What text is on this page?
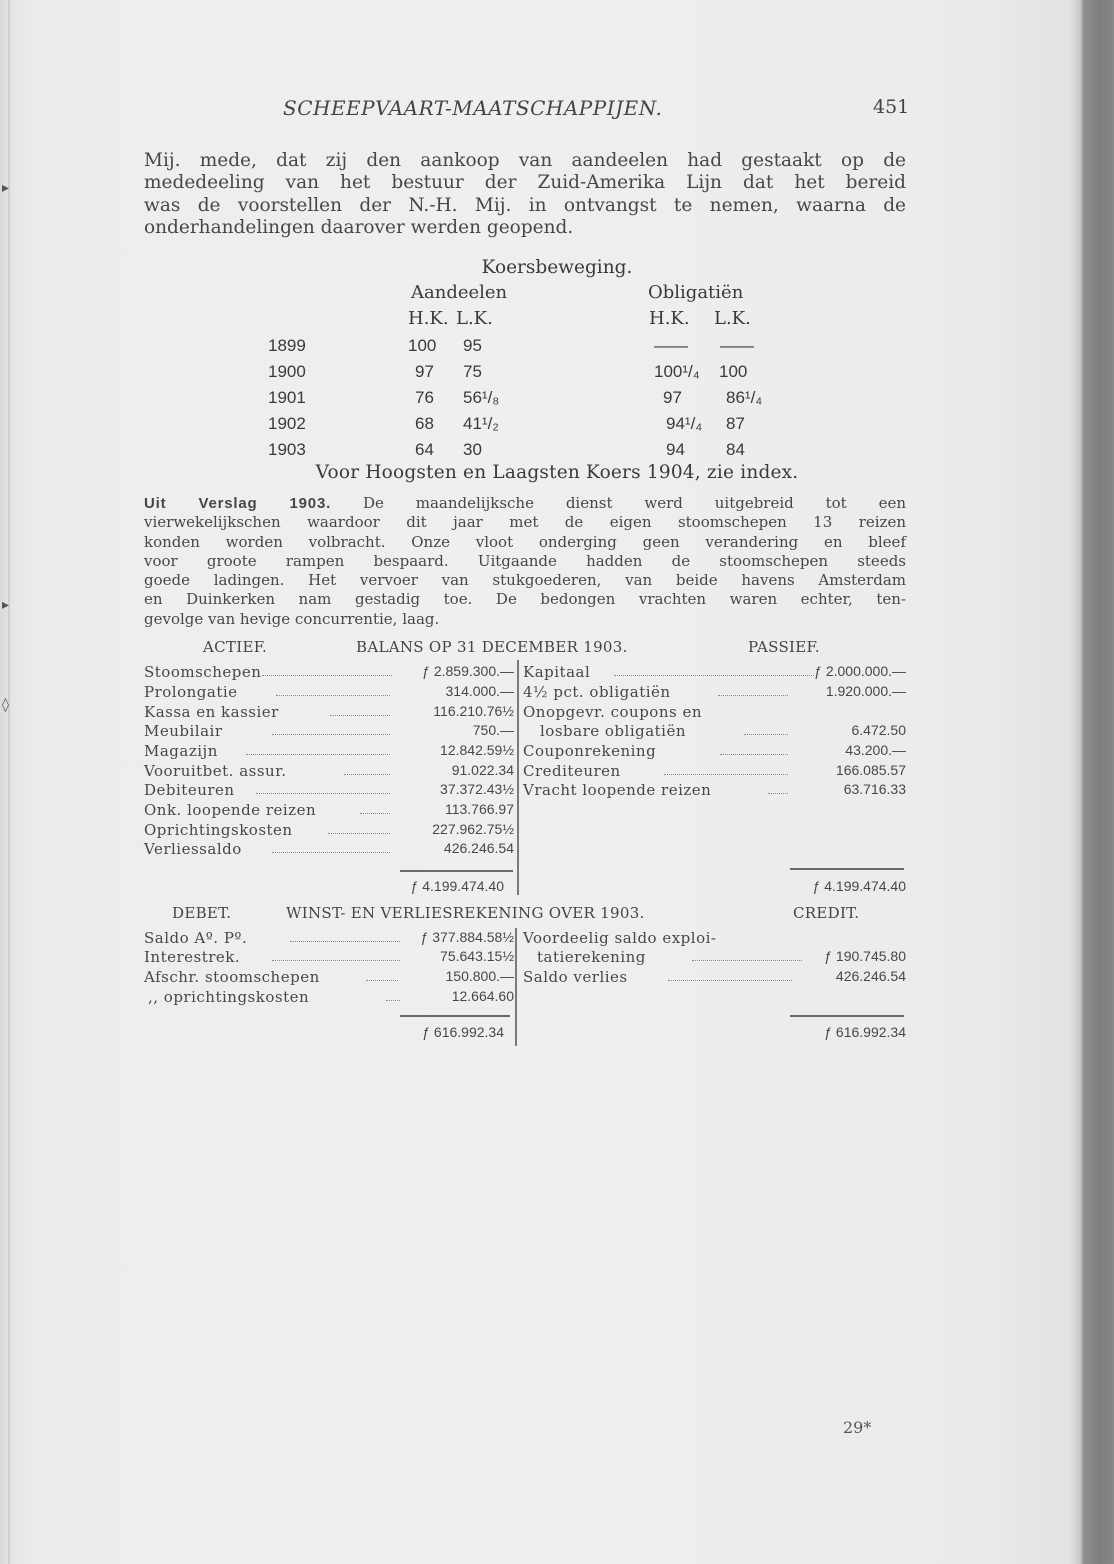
▸
▸
◊
SCHEEPVAART-MAATSCHAPPIJEN.	451
Mij. mede, dat zij den aankoop van aandeelen had gestaakt op de
mededeeling van het bestuur der Zuid-Amerika Lijn dat het bereid
was de voorstellen der N.-H. Mij. in ontvangst te nemen, waarna de
onderhandelingen daarover werden geopend.
Koersbeweging.
Aandeelen	Obligatiën
H.K. L.K.	H.K. L.K.
1899	100 95	—— ——
1900	97 75	100¹/₄ 100
1901	76 56¹/₈	97	86¹/₄
1902	68 41¹/₂	94¹/₄ 87
1903	64 30	94 84
Voor Hoogsten en Laagsten Koers 1904, zie index.
Uit Verslag 1903. De maandelijksche dienst werd uitgebreid tot een
vierwekelijkschen waardoor dit jaar met de eigen stoomschepen 13 reizen
konden worden volbracht. Onze vloot onderging geen verandering en bleef
voor groote rampen bespaard. Uitgaande hadden de stoomschepen steeds
goede ladingen. Het vervoer van stukgoederen, van beide havens Amsterdam
en Duinkerken nam gestadig toe. De bedongen vrachten waren echter, ten-
gevolge van hevige concurrentie, laag.
ACTIEF.	BALANS OP 31 DECEMBER 1903.	PASSIEF.
Stoomschepen	ƒ 2.859.300.—
Prolongatie	314.000.—
Kassa en kassier	116.210.76½
Meubilair	750.—
Magazijn	12.842.59½
Vooruitbet. assur.	91.022.34
Debiteuren	37.372.43½
Onk. loopende reizen	113.766.97
Oprichtingskosten	227.962.75½
Verliessaldo	426.246.54
Kapitaal	ƒ 2.000.000.—
4½ pct. obligatiën	1.920.000.—
Onopgevr. coupons en
losbare obligatiën	6.472.50
Couponrekening	43.200.—
Crediteuren	166.085.57
Vracht loopende reizen	63.716.33
ƒ 4.199.474.40	ƒ 4.199.474.40
DEBET.	WINST- EN VERLIESREKENING OVER 1903.	CREDIT.
Saldo Aº. Pº.	ƒ 377.884.58½
Interestrek.	75.643.15½
Afschr. stoomschepen	150.800.—
,, oprichtingskosten	12.664.60
Voordeelig saldo exploi-
tatierekening	ƒ 190.745.80
Saldo verlies	426.246.54
ƒ 616.992.34	ƒ 616.992.34
29*
